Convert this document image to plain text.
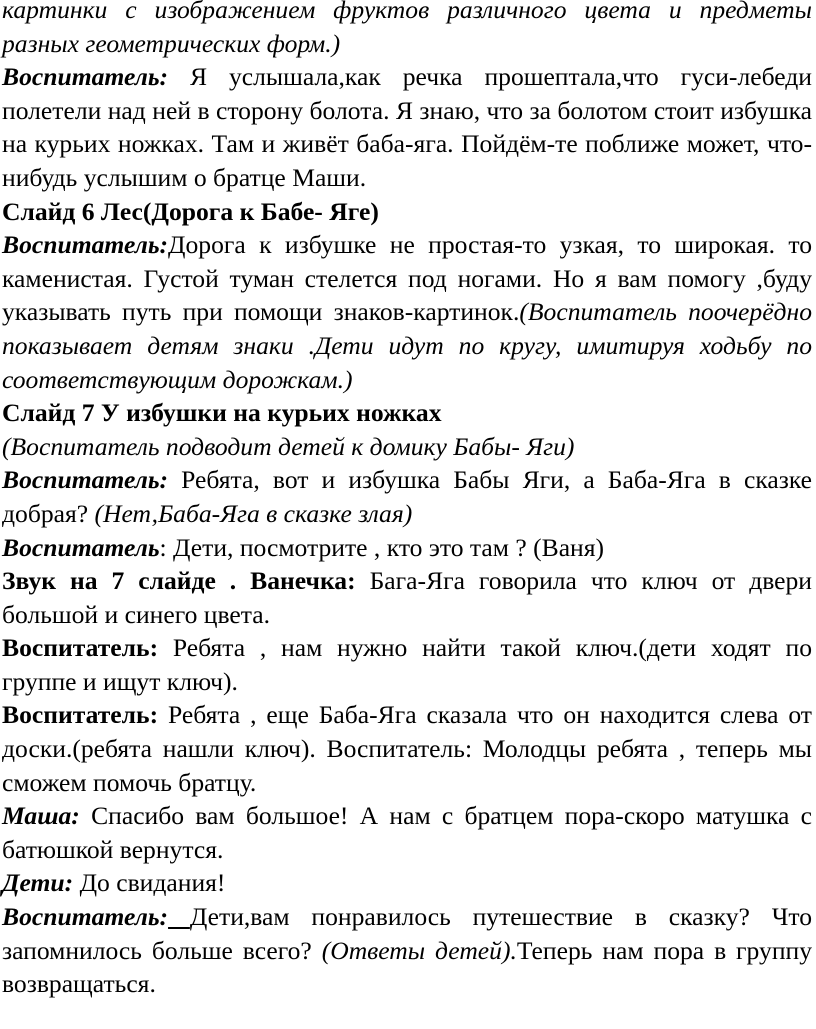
картинки с изображением фруктов различного цвета и предметы разных геометрических форм.)

Воспитатель: Я услышала,как речка прошептала,что гуси-лебеди полетели над ней в сторону болота. Я знаю, что за болотом стоит избушка на курьих ножках. Там и живёт баба-яга. Пойдём-те поближе может, что-нибудь услышим о братце Маши.

Слайд 6 Лес(Дорога к Бабе- Яге)

Воспитатель:Дорога к избушке не простая-то узкая, то широкая. то каменистая. Густой туман стелется под ногами. Но я вам помогу ,буду указывать путь при помощи знаков-картинок.(Воспитатель поочерёдно показывает детям знаки .Дети идут по кругу, имитируя ходьбу по соответствующим дорожкам.)

Слайд 7 У избушки на курьих ножках

(Воспитатель подводит детей к домику Бабы- Яги)

Воспитатель: Ребята, вот и избушка Бабы Яги, а Баба-Яга в сказке добрая? (Нет,Баба-Яга в сказке злая)

Воспитатель: Дети, посмотрите , кто это там ? (Ваня)

Звук на 7 слайде . Ванечка: Бага-Яга говорила что ключ от двери большой и синего цвета.

Воспитатель: Ребята , нам нужно найти такой ключ.(дети ходят по группе и ищут ключ).

Воспитатель: Ребята , еще Баба-Яга сказала что он находится слева от доски.(ребята нашли ключ). Воспитатель: Молодцы ребята , теперь мы сможем помочь братцу.

Маша: Спасибо вам большое! А нам с братцем пора-скоро матушка с батюшкой вернутся.

Дети: До свидания!

Воспитатель: Дети,вам понравилось путешествие в сказку? Что запомнилось больше всего? (Ответы детей).Теперь нам пора в группу возвращаться.
